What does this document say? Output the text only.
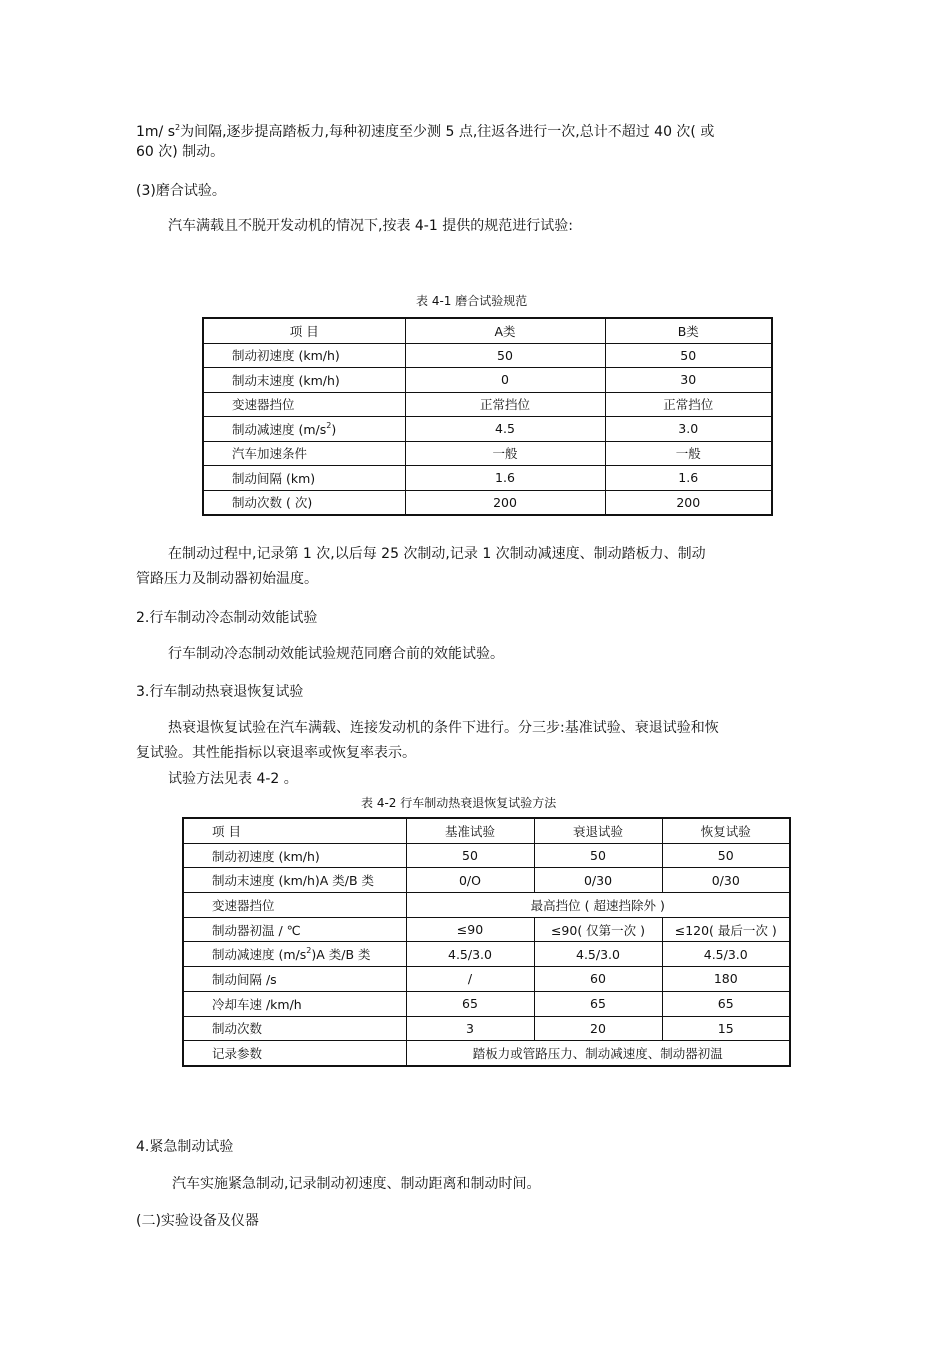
1m/ $s^2$为间隔,逐步提高踏板力,每种初速度至少测 5 点,往返各进行一次,总计不超过 40 次( 或
60 次) 制动。
(3)磨合试验。
汽车满载且不脱开发动机的情况下,按表 4-1 提供的规范进行试验:
表 4-1 磨合试验规范
项 目	A类	B类
制动初速度 (km/h)	50	50
制动末速度 (km/h)	0	30
变速器挡位	正常挡位	正常挡位
制动减速度 $(m/s^2)$	4.5	3.0
汽车加速条件	一般	一般
制动间隔 (km)	1.6	1.6
制动次数 ( 次)	200	200
在制动过程中,记录第 1 次,以后每 25 次制动,记录 1 次制动减速度、制动踏板力、制动
管路压力及制动器初始温度。
2.行车制动冷态制动效能试验
行车制动冷态制动效能试验规范同磨合前的效能试验。
3.行车制动热衰退恢复试验
热衰退恢复试验在汽车满载、连接发动机的条件下进行。分三步:基准试验、衰退试验和恢
复试验。其性能指标以衰退率或恢复率表示。
试验方法见表 4-2 。
表 4-2 行车制动热衰退恢复试验方法
项 目	基准试验	衰退试验	恢复试验
制动初速度 (km/h)	50	50	50
制动末速度 (km/h)A 类/B 类	0/O	0/30	0/30
变速器挡位	最高挡位 ( 超速挡除外 )		
制动器初温 / ℃	≤90	≤90( 仅第一次 )	≤120( 最后一次 )
制动减速度 $(m/s^2)A$ 类/B 类	4.5/3.0	4.5/3.0	4.5/3.0
制动间隔 /s	/	60	180
冷却车速 /km/h	65	65	65
制动次数	3	20	15
记录参数	踏板力或管路压力、制动减速度、制动器初温		
4.紧急制动试验
汽车实施紧急制动,记录制动初速度、制动距离和制动时间。
(二)实验设备及仪器
